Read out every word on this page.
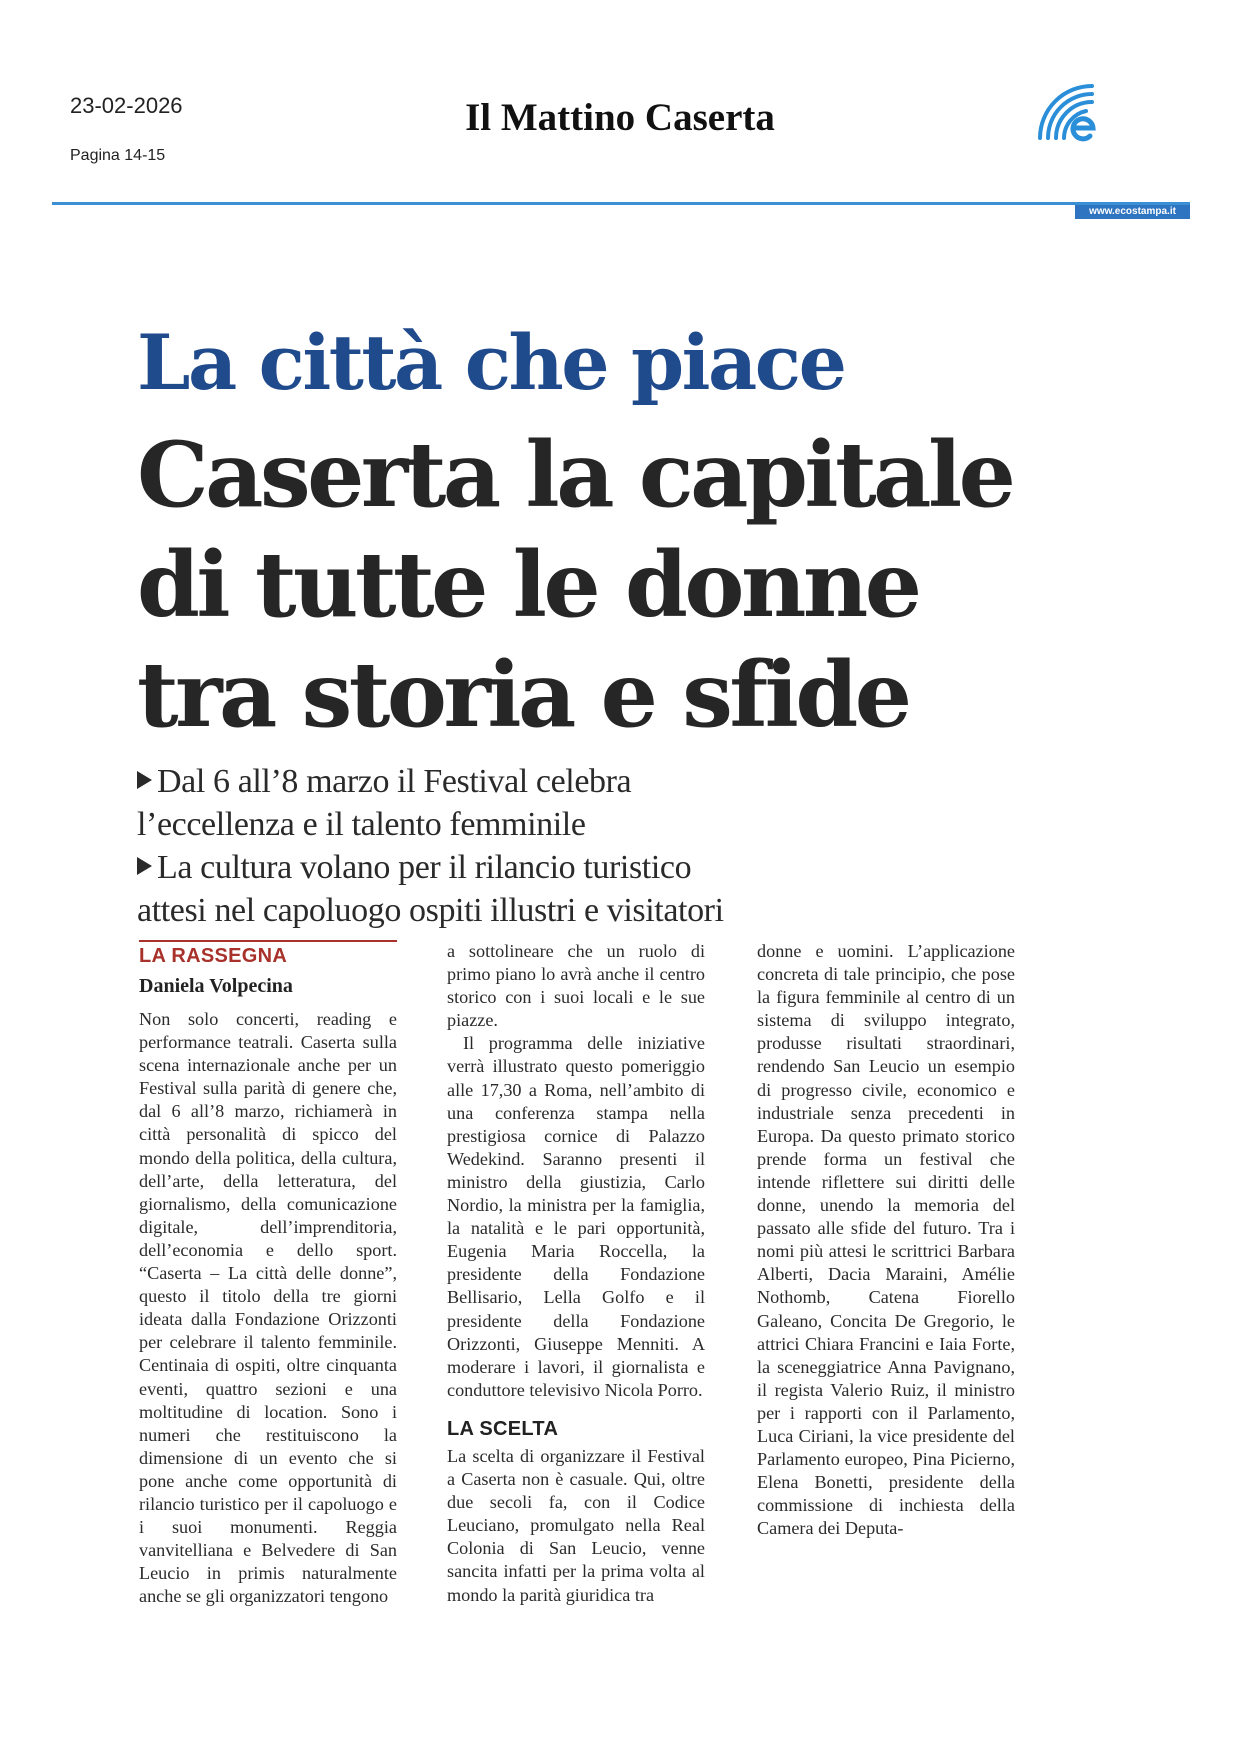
23-02-2026
Pagina 14-15
Il Mattino Caserta
www.ecostampa.it
La città che piace
Caserta la capitale
di tutte le donne
tra storia e sfide
Dal 6 all’8 marzo il Festival celebra
l’eccellenza e il talento femminile
La cultura volano per il rilancio turistico
attesi nel capoluogo ospiti illustri e visitatori
LA RASSEGNA
Daniela Volpecina

Non solo concerti, reading e performance teatrali. Caserta sulla scena internazionale anche per un Festival sulla parità di genere che, dal 6 all’8 marzo, richiamerà in città personalità di spicco del mondo della politica, della cultura, dell’arte, della letteratura, del giornalismo, della comunicazione digitale, dell’imprenditoria, dell’economia e dello sport. “Caserta – La città delle donne”, questo il titolo della tre giorni ideata dalla Fondazione Orizzonti per celebrare il talento femminile. Centinaia di ospiti, oltre cinquanta eventi, quattro sezioni e una moltitudine di location. Sono i numeri che restituiscono la dimensione di un evento che si pone anche come opportunità di rilancio turistico per il capoluogo e i suoi monumenti. Reggia vanvitelliana e Belvedere di San Leucio in primis naturalmente anche se gli organizzatori tengono

a sottolineare che un ruolo di primo piano lo avrà anche il centro storico con i suoi locali e le sue piazze.

Il programma delle iniziative verrà illustrato questo pomeriggio alle 17,30 a Roma, nell’ambito di una conferenza stampa nella prestigiosa cornice di Palazzo Wedekind. Saranno presenti il ministro della giustizia, Carlo Nordio, la ministra per la famiglia, la natalità e le pari opportunità, Eugenia Maria Roccella, la presidente della Fondazione Bellisario, Lella Golfo e il presidente della Fondazione Orizzonti, Giuseppe Menniti. A moderare i lavori, il giornalista e conduttore televisivo Nicola Porro.

LA SCELTA

La scelta di organizzare il Festival a Caserta non è casuale. Qui, oltre due secoli fa, con il Codice Leuciano, promulgato nella Real Colonia di San Leucio, venne sancita infatti per la prima volta al mondo la parità giuridica tra

donne e uomini. L’applicazione concreta di tale principio, che pose la figura femminile al centro di un sistema di sviluppo integrato, produsse risultati straordinari, rendendo San Leucio un esempio di progresso civile, economico e industriale senza precedenti in Europa. Da questo primato storico prende forma un festival che intende riflettere sui diritti delle donne, unendo la memoria del passato alle sfide del futuro. Tra i nomi più attesi le scrittrici Barbara Alberti, Dacia Maraini, Amélie Nothomb, Catena Fiorello Galeano, Concita De Gregorio, le attrici Chiara Francini e Iaia Forte, la sceneggiatrice Anna Pavignano, il regista Valerio Ruiz, il ministro per i rapporti con il Parlamento, Luca Ciriani, la vice presidente del Parlamento europeo, Pina Picierno, Elena Bonetti, presidente della commissione di inchiesta della Camera dei Deputa-
